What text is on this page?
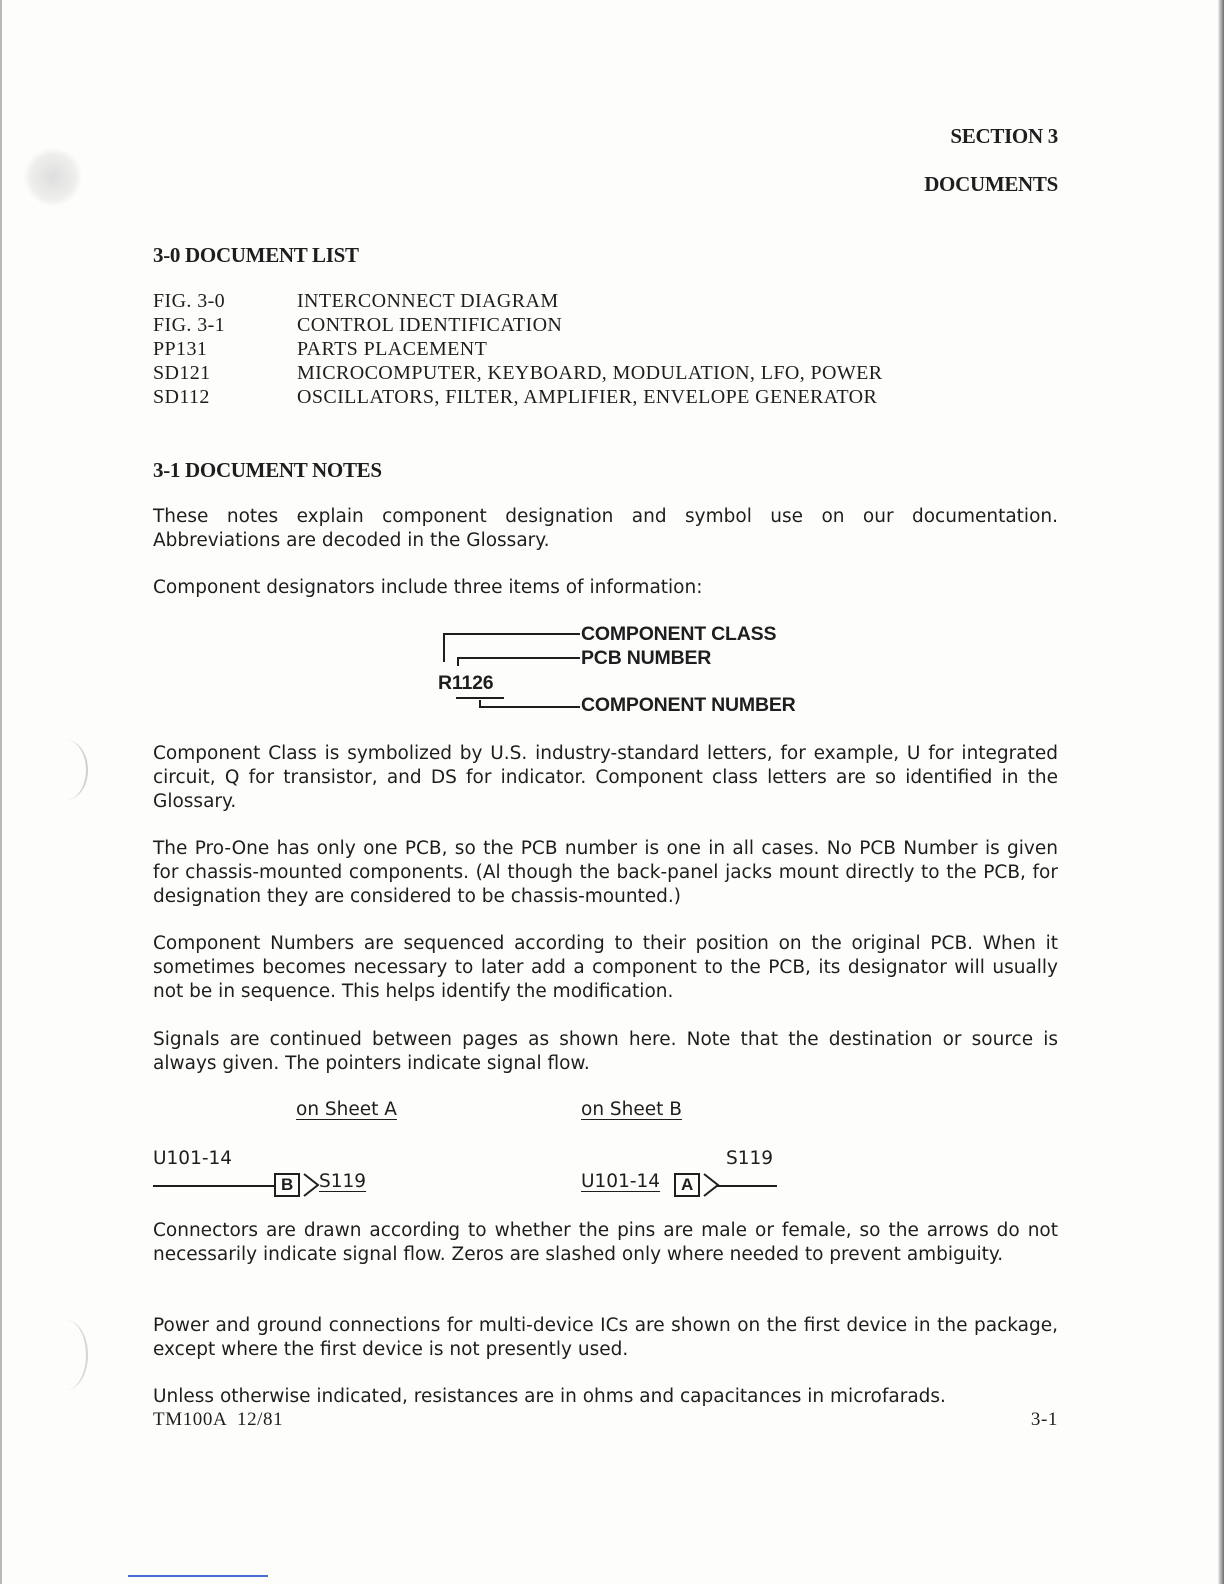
SECTION 3
DOCUMENTS
3-0 DOCUMENT LIST
FIG. 3-0	INTERCONNECT DIAGRAM
FIG. 3-1	CONTROL IDENTIFICATION
PP131	PARTS PLACEMENT
SD121	MICROCOMPUTER, KEYBOARD, MODULATION, LFO, POWER
SD112	OSCILLATORS, FILTER, AMPLIFIER, ENVELOPE GENERATOR
3-1 DOCUMENT NOTES
These notes explain component designation and symbol use on our documentation. Abbreviations are decoded in the Glossary.
Component designators include three items of information:
COMPONENT CLASS
PCB NUMBER
R1126
COMPONENT NUMBER
Component Class is symbolized by U.S. industry-standard letters, for example, U for integrated circuit, Q for transistor, and DS for indicator. Component class letters are so identified in the Glossary.
The Pro-One has only one PCB, so the PCB number is one in all cases. No PCB Number is given for chassis-mounted components. (Al though the back-panel jacks mount directly to the PCB, for designation they are considered to be chassis-mounted.)
Component Numbers are sequenced according to their position on the original PCB. When it sometimes becomes necessary to later add a component to the PCB, its designator will usually not be in sequence. This helps identify the modification.
Signals are continued between pages as shown here. Note that the destination or source is always given. The pointers indicate signal flow.
on Sheet A	on Sheet B
U101-14
B	S119
S119
U101-14	A
Connectors are drawn according to whether the pins are male or female, so the arrows do not necessarily indicate signal flow. Zeros are slashed only where needed to prevent ambiguity.
Power and ground connections for multi-device ICs are shown on the first device in the package, except where the first device is not presently used.
Unless otherwise indicated, resistances are in ohms and capacitances in microfarads.
TM100A  12/81	3-1
